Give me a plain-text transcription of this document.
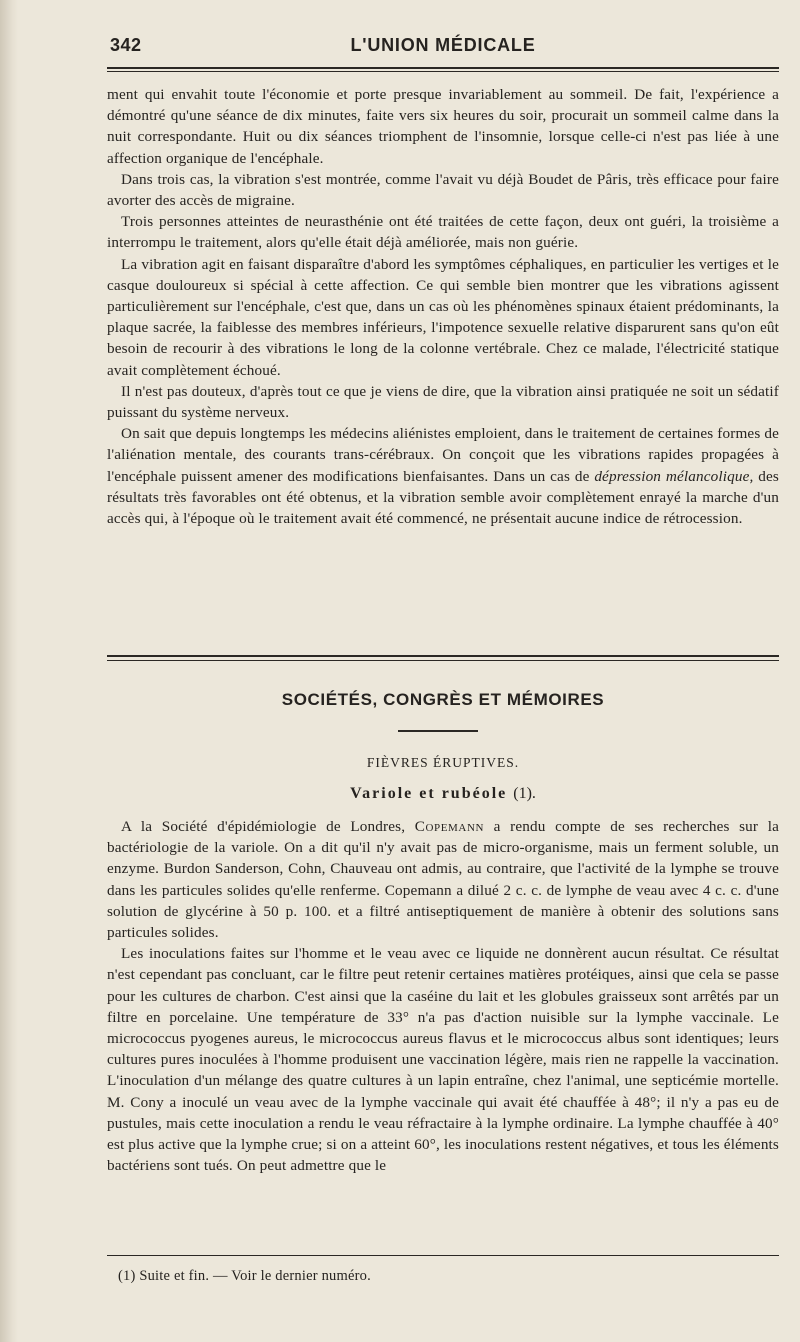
342	L'UNION MÉDICALE

ment qui envahit toute l'économie et porte presque invariablement au sommeil. De fait, l'expérience a démontré qu'une séance de dix minutes, faite vers six heures du soir, procurait un sommeil calme dans la nuit correspondante. Huit ou dix séances triomphent de l'insomnie, lorsque celle-ci n'est pas liée à une affection organique de l'encéphale.

Dans trois cas, la vibration s'est montrée, comme l'avait vu déjà Boudet de Pâris, très efficace pour faire avorter des accès de migraine.

Trois personnes atteintes de neurasthénie ont été traitées de cette façon, deux ont guéri, la troisième a interrompu le traitement, alors qu'elle était déjà améliorée, mais non guérie.

La vibration agit en faisant disparaître d'abord les symptômes céphaliques, en particulier les vertiges et le casque douloureux si spécial à cette affection. Ce qui semble bien montrer que les vibrations agissent particulièrement sur l'encéphale, c'est que, dans un cas où les phénomènes spinaux étaient prédominants, la plaque sacrée, la faiblesse des membres inférieurs, l'impotence sexuelle relative disparurent sans qu'on eût besoin de recourir à des vibrations le long de la colonne vertébrale. Chez ce malade, l'électricité statique avait complètement échoué.

Il n'est pas douteux, d'après tout ce que je viens de dire, que la vibration ainsi pratiquée ne soit un sédatif puissant du système nerveux.

On sait que depuis longtemps les médecins aliénistes emploient, dans le traitement de certaines formes de l'aliénation mentale, des courants trans-cérébraux. On conçoit que les vibrations rapides propagées à l'encéphale puissent amener des modifications bienfaisantes. Dans un cas de dépression mélancolique, des résultats très favorables ont été obtenus, et la vibration semble avoir complètement enrayé la marche d'un accès qui, à l'époque où le traitement avait été commencé, ne présentait aucune indice de rétrocession.

SOCIÉTÉS, CONGRÈS ET MÉMOIRES
FIÈVRES ÉRUPTIVES.
Variole et rubéole (1).

A la Société d'épidémiologie de Londres, Copemann a rendu compte de ses recherches sur la bactériologie de la variole. On a dit qu'il n'y avait pas de micro-organisme, mais un ferment soluble, un enzyme. Burdon Sanderson, Cohn, Chauveau ont admis, au contraire, que l'activité de la lymphe se trouve dans les particules solides qu'elle renferme. Copemann a dilué 2 c. c. de lymphe de veau avec 4 c. c. d'une solution de glycérine à 50 p. 100. et a filtré antiseptiquement de manière à obtenir des solutions sans particules solides.

Les inoculations faites sur l'homme et le veau avec ce liquide ne donnèrent aucun résultat. Ce résultat n'est cependant pas concluant, car le filtre peut retenir certaines matières protéiques, ainsi que cela se passe pour les cultures de charbon. C'est ainsi que la caséine du lait et les globules graisseux sont arrêtés par un filtre en porcelaine. Une température de 33° n'a pas d'action nuisible sur la lymphe vaccinale. Le micrococcus pyogenes aureus, le micrococcus aureus flavus et le micrococcus albus sont identiques; leurs cultures pures inoculées à l'homme produisent une vaccination légère, mais rien ne rappelle la vaccination. L'inoculation d'un mélange des quatre cultures à un lapin entraîne, chez l'animal, une septicémie mortelle. M. Cony a inoculé un veau avec de la lymphe vaccinale qui avait été chauffée à 48°; il n'y a pas eu de pustules, mais cette inoculation a rendu le veau réfractaire à la lymphe ordinaire. La lymphe chauffée à 40° est plus active que la lymphe crue; si on a atteint 60°, les inoculations restent négatives, et tous les éléments bactériens sont tués. On peut admettre que le

(1) Suite et fin. — Voir le dernier numéro.
